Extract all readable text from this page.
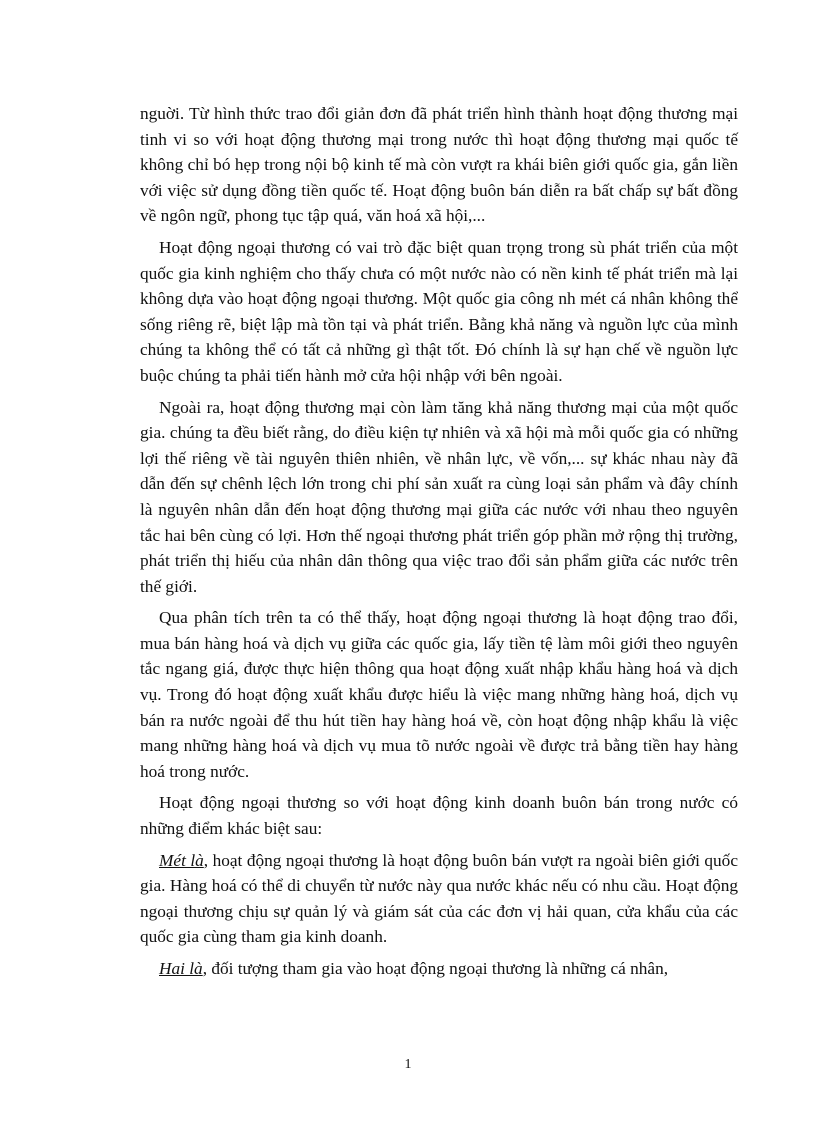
nguời. Từ hình thức trao đổi giản đơn đã phát triển hình thành hoạt động thương mại tinh vi so với hoạt động thương mại trong nước thì hoạt động thương mại quốc tế không chỉ bó hẹp trong nội bộ kinh tế mà còn vượt ra khái biên giới quốc gia, gắn liền với việc sử dụng đồng tiền quốc tế. Hoạt động buôn bán diễn ra bất chấp sự bất đồng về ngôn ngữ, phong tục tập quá, văn hoá xã hội,...

Hoạt động ngoại thương có vai trò đặc biệt quan trọng trong sù phát triển của một quốc gia kinh nghiệm cho thấy chưa có một nước nào có nền kinh tế phát triển mà lại không dựa vào hoạt động ngoại thương. Một quốc gia công nh mét cá nhân không thể sống riêng rẽ, biệt lập mà tồn tại và phát triển. Bằng khả năng và nguồn lực của mình chúng ta không thể có tất cả những gì thật tốt. Đó chính là sự hạn chế về nguồn lực buộc chúng ta phải tiến hành mở cửa hội nhập với bên ngoài.

Ngoài ra, hoạt động thương mại còn làm tăng khả năng thương mại của một quốc gia. chúng ta đều biết rằng, do điều kiện tự nhiên và xã hội mà mỗi quốc gia có những lợi thế riêng về tài nguyên thiên nhiên, về nhân lực, về vốn,... sự khác nhau này đã dẫn đến sự chênh lệch lớn trong chi phí sản xuất ra cùng loại sản phẩm và đây chính là nguyên nhân dẫn đến hoạt động thương mại giữa các nước với nhau theo nguyên tắc hai bên cùng có lợi. Hơn thế ngoại thương phát triển góp phần mở rộng thị trường, phát triển thị hiếu của nhân dân thông qua việc trao đổi sản phẩm giữa các nước trên thế giới.

Qua phân tích trên ta có thể thấy, hoạt động ngoại thương là hoạt động trao đổi, mua bán hàng hoá và dịch vụ giữa các quốc gia, lấy tiền tệ làm môi giới theo nguyên tắc ngang giá, được thực hiện thông qua hoạt động xuất nhập khẩu hàng hoá và dịch vụ. Trong đó hoạt động xuất khẩu được hiểu là việc mang những hàng hoá, dịch vụ bán ra nước ngoài để thu hút tiền hay hàng hoá về, còn hoạt động nhập khẩu là việc mang những hàng hoá và dịch vụ mua tõ nước ngoài về được trả bằng tiền hay hàng hoá trong nước.

Hoạt động ngoại thương so với hoạt động kinh doanh buôn bán trong nước có những điểm khác biệt sau:

Mét là, hoạt động ngoại thương là hoạt động buôn bán vượt ra ngoài biên giới quốc gia. Hàng hoá có thể di chuyển từ nước này qua nước khác nếu có nhu cầu. Hoạt động ngoại thương chịu sự quản lý và giám sát của các đơn vị hải quan, cửa khẩu của các quốc gia cùng tham gia kinh doanh.

Hai là, đối tượng tham gia vào hoạt động ngoại thương là những cá nhân,

1
